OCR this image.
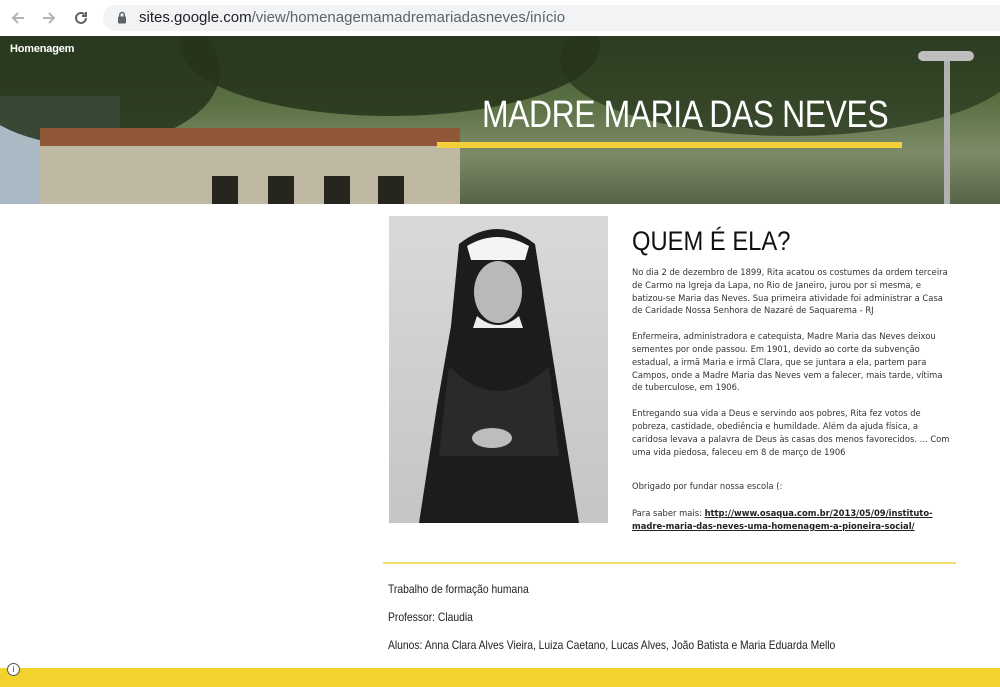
sites.google.com/view/homenagemamadremariadasneves/início
Homenagem
MADRE MARIA DAS NEVES
QUEM É ELA?

No dia 2 de dezembro de 1899, Rita acatou os costumes da ordem terceira de Carmo na Igreja da Lapa, no Rio de Janeiro, jurou por si mesma, e batizou-se Maria das Neves. Sua primeira atividade foi administrar a Casa de Caridade Nossa Senhora de Nazaré de Saquarema - RJ

Enfermeira, administradora e catequista, Madre Maria das Neves deixou sementes por onde passou. Em 1901, devido ao corte da subvenção estadual, a irmã Maria e irmã Clara, que se juntara a ela, partem para Campos, onde a Madre Maria das Neves vem a falecer, mais tarde, vítima de tuberculose, em 1906.

Entregando sua vida a Deus e servindo aos pobres, Rita fez votos de pobreza, castidade, obediência e humildade. Além da ajuda física, a caridosa levava a palavra de Deus às casas dos menos favorecidos. ... Com uma vida piedosa, faleceu em 8 de março de 1906

Obrigado por fundar nossa escola (:

Para saber mais: http://www.osaqua.com.br/2013/05/09/instituto-madre-maria-das-neves-uma-homenagem-a-pioneira-social/

Trabalho de formação humana
Professor: Claudia
Alunos: Anna Clara Alves Vieira, Luiza Caetano, Lucas Alves, João Batista e Maria Eduarda Mello
i
